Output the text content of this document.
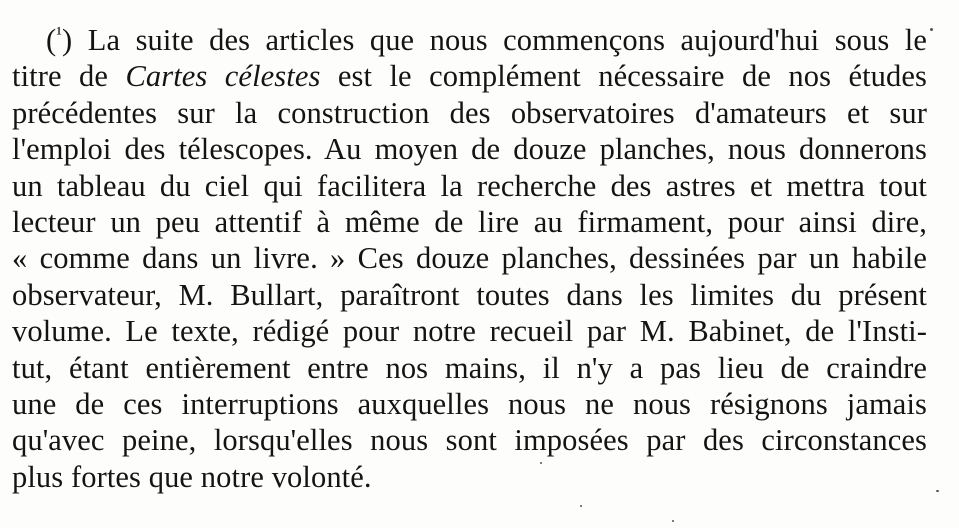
($^{^1}$) La suite des articles que nous commençons aujourd'hui sous le
titre de Cartes célestes est le complément nécessaire de nos études
précédentes sur la construction des observatoires d'amateurs et sur
l'emploi des télescopes. Au moyen de douze planches, nous donnerons
un tableau du ciel qui facilitera la recherche des astres et mettra tout
lecteur un peu attentif à même de lire au firmament, pour ainsi dire,
« comme dans un livre. » Ces douze planches, dessinées par un habile
observateur, M. Bullart, paraîtront toutes dans les limites du présent
volume. Le texte, rédigé pour notre recueil par M. Babinet, de l'Insti-
tut, étant entièrement entre nos mains, il n'y a pas lieu de craindre
une de ces interruptions auxquelles nous ne nous résignons jamais
qu'avec peine, lorsqu'elles nous sont imposées par des circonstances
plus fortes que notre volonté.
